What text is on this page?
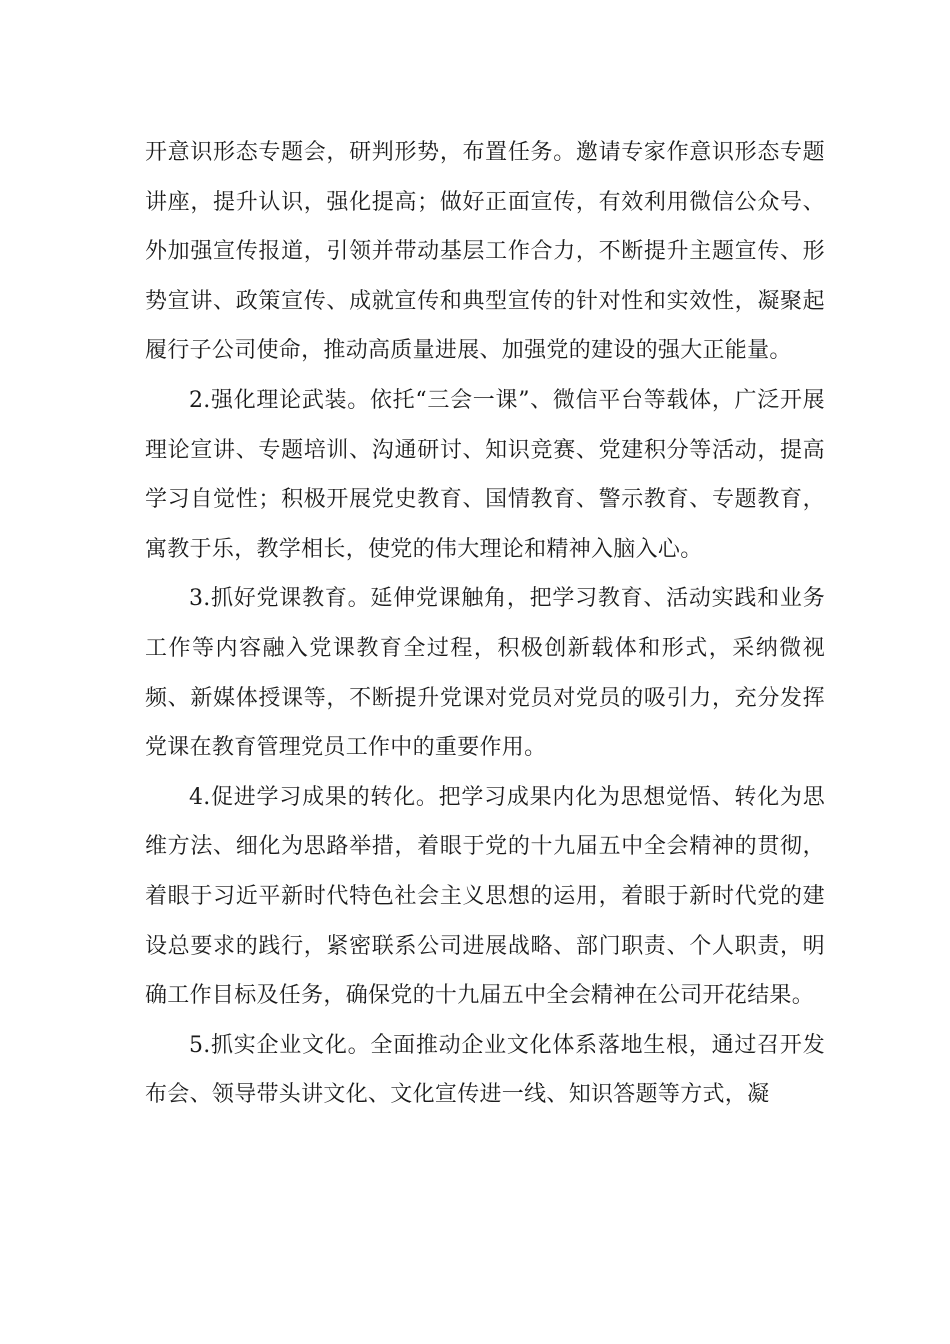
开意识形态专题会，研判形势，布置任务。邀请专家作意识形态专题讲座，提升认识，强化提高；做好正面宣传，有效利用微信公众号、外加强宣传报道，引领并带动基层工作合力，不断提升主题宣传、形势宣讲、政策宣传、成就宣传和典型宣传的针对性和实效性，凝聚起履行子公司使命，推动高质量进展、加强党的建设的强大正能量。

2.强化理论武装。依托“三会一课”、微信平台等载体，广泛开展理论宣讲、专题培训、沟通研讨、知识竞赛、党建积分等活动，提高学习自觉性；积极开展党史教育、国情教育、警示教育、专题教育，寓教于乐，教学相长，使党的伟大理论和精神入脑入心。

3.抓好党课教育。延伸党课触角，把学习教育、活动实践和业务工作等内容融入党课教育全过程，积极创新载体和形式，采纳微视频、新媒体授课等，不断提升党课对党员对党员的吸引力，充分发挥党课在教育管理党员工作中的重要作用。

4.促进学习成果的转化。把学习成果内化为思想觉悟、转化为思维方法、细化为思路举措，着眼于党的十九届五中全会精神的贯彻，着眼于习近平新时代特色社会主义思想的运用，着眼于新时代党的建设总要求的践行，紧密联系公司进展战略、部门职责、个人职责，明确工作目标及任务，确保党的十九届五中全会精神在公司开花结果。

5.抓实企业文化。全面推动企业文化体系落地生根，通过召开发布会、领导带头讲文化、文化宣传进一线、知识答题等方式，凝
